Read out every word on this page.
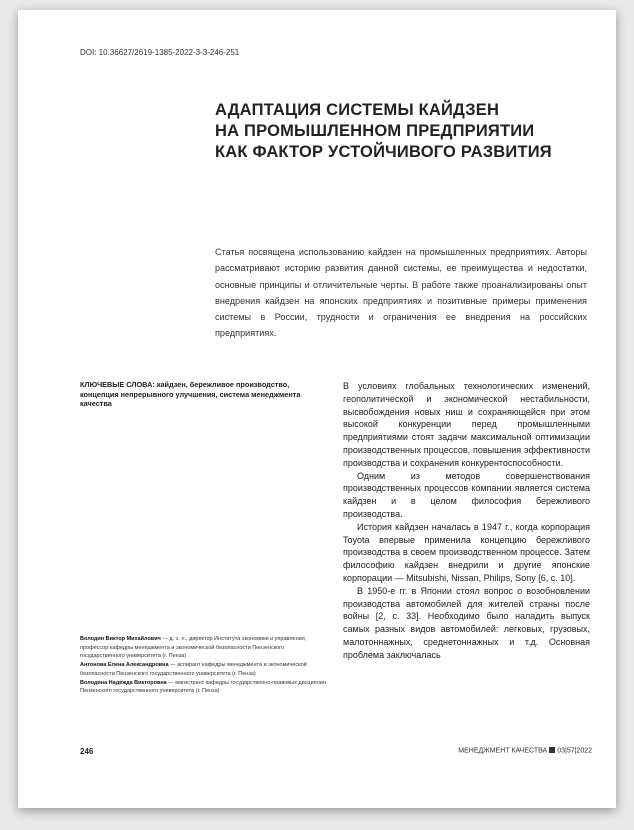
DOI: 10.36627/2619-1385-2022-3-3-246-251
АДАПТАЦИЯ СИСТЕМЫ КАЙДЗЕН
НА ПРОМЫШЛЕННОМ ПРЕДПРИЯТИИ
КАК ФАКТОР УСТОЙЧИВОГО РАЗВИТИЯ

Статья посвящена использованию кайдзен на промышленных предприятиях. Авторы рассматривают историю развития данной системы, ее преимущества и недостатки, основные принципы и отличительные черты. В работе также проанализированы опыт внедрения кайдзен на японских предприятиях и позитивные примеры применения системы в России, трудности и ограничения ее внедрения на российских предприятиях.

КЛЮЧЕВЫЕ СЛОВА: кайдзен, бережливое производство, концепция непрерывного улучшения, система менеджмента качества

В условиях глобальных технологических изменений, геополитической и экономической нестабильности, высвобождения новых ниш и сохраняющейся при этом высокой конкуренции перед промышленными предприятиями стоят задачи максимальной оптимизации производственных процессов, повышения эффективности производства и сохранения конкурентоспособности.

Одним из методов совершенствования производственных процессов компании является система кайдзен и в целом философия бережливого производства.

История кайдзен началась в 1947 г., когда корпорация Toyota впервые применила концепцию бережливого производства в своем производственном процессе. Затем философию кайдзен внедрили и другие японские корпорации — Mitsubishi, Nissan, Philips, Sony [6, с. 10].

В 1950-е гг. в Японии стоял вопрос о возобновлении производства автомобилей для жителей страны после войны [2, с. 33]. Необходимо было наладить выпуск самых разных видов автомобилей: легковых, грузовых, малотоннажных, среднетоннажных и т.д. Основная проблема заключалась

Володин Виктор Михайлович — д. э. н., директор Института экономики и управления, профессор кафедры менеджмента и экономической безопасности Пензенского государственного университета (г. Пенза)

Антонова Елена Александровна — аспирант кафедры менеджмента и экономической безопасности Пензенского государственного университета (г. Пенза)

Володина Надежда Викторовна — магистрант кафедры государственно-правовых дисциплин Пензенского государственного университета (г. Пенза)

246	МЕНЕДЖМЕНТ КАЧЕСТВА 03|57|2022
